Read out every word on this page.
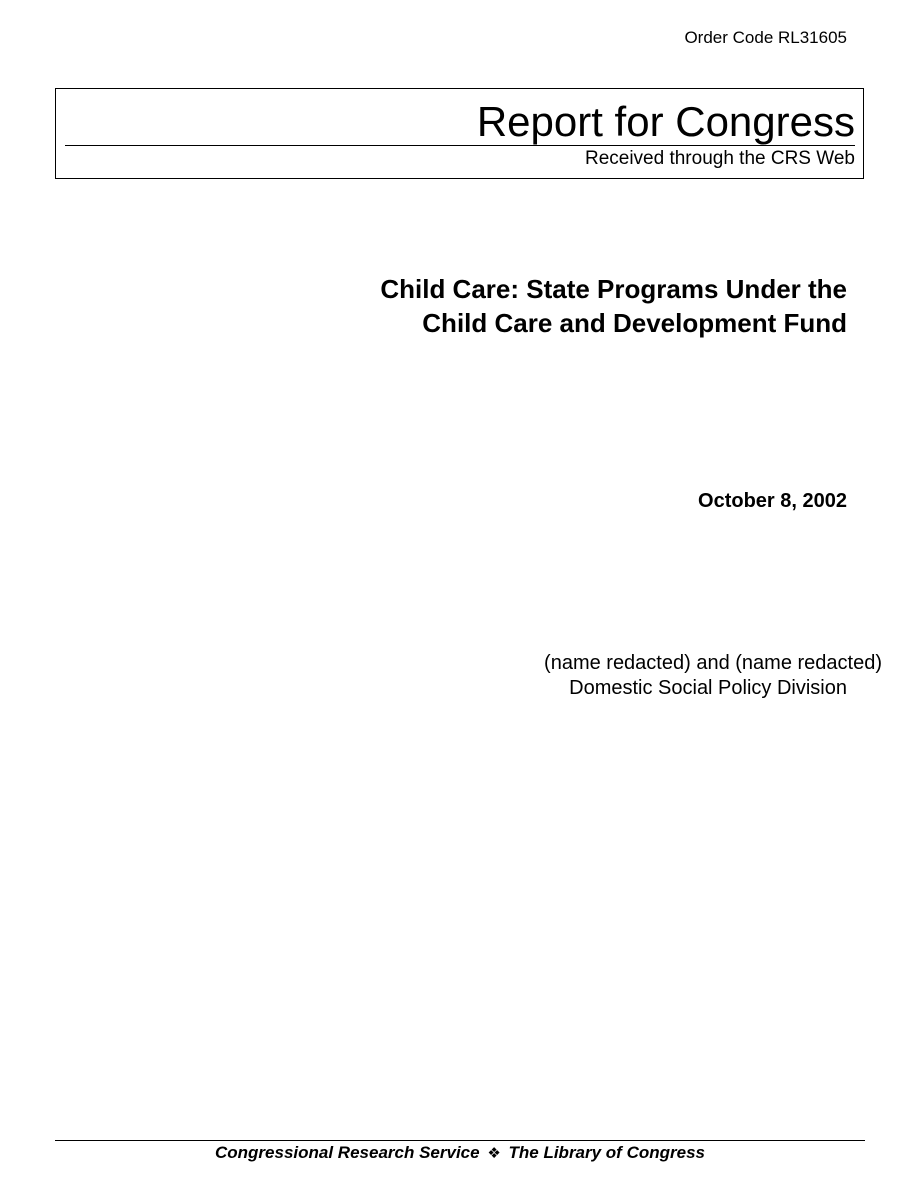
Order Code RL31605
Report for Congress
Received through the CRS Web
Child Care: State Programs Under the
Child Care and Development Fund
October 8, 2002
(name redacted) and (name redacted)
Domestic Social Policy Division
Congressional Research Service ❖ The Library of Congress
